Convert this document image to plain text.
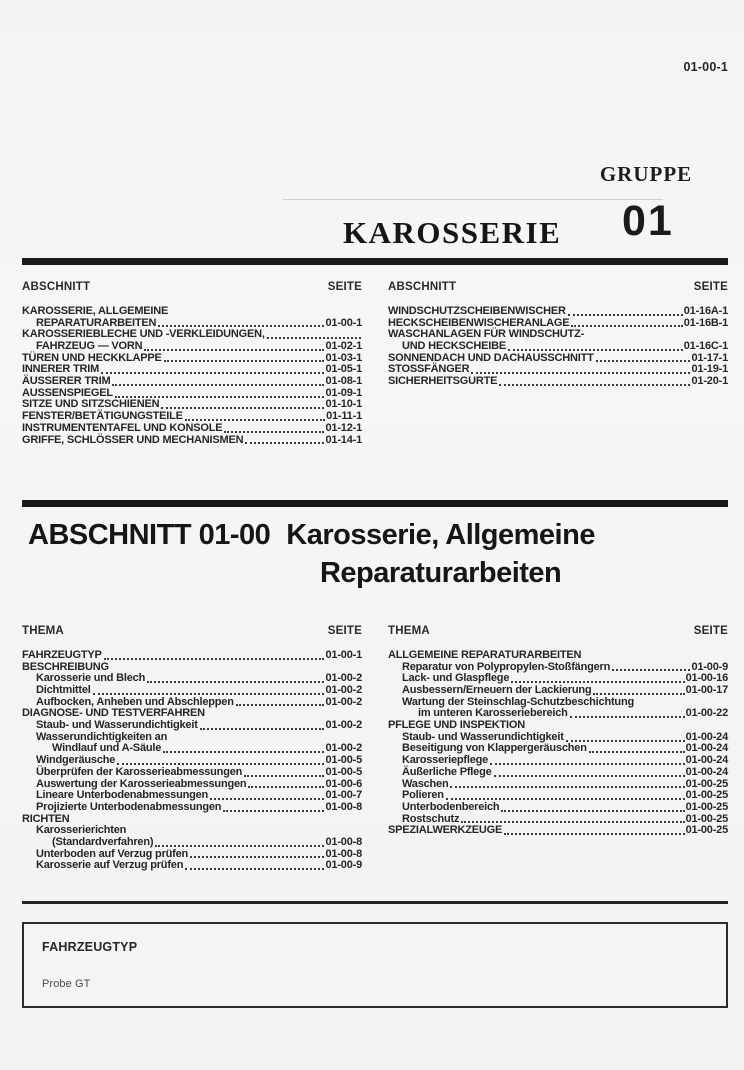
01-00-1
GRUPPE
KAROSSERIE 01
ABSCHNITT	SEITE
KAROSSERIE, ALLGEMEINE
REPARATURARBEITEN	01-00-1
KAROSSERIEBLECHE UND -VERKLEIDUNGEN,
FAHRZEUG — VORN	01-02-1
TÜREN UND HECKKLAPPE	01-03-1
INNERER TRIM	01-05-1
ÄUSSERER TRIM	01-08-1
AUSSENSPIEGEL	01-09-1
SITZE UND SITZSCHIENEN	01-10-1
FENSTER/BETÄTIGUNGSTEILE	01-11-1
INSTRUMENTENTAFEL UND KONSOLE	01-12-1
GRIFFE, SCHLÖSSER UND MECHANISMEN	01-14-1
ABSCHNITT	SEITE
WINDSCHUTZSCHEIBENWISCHER	01-16A-1
HECKSCHEIBENWISCHERANLAGE	01-16B-1
WASCHANLAGEN FÜR WINDSCHUTZ-
UND HECKSCHEIBE	01-16C-1
SONNENDACH UND DACHAUSSCHNITT	01-17-1
STOSSFÄNGER	01-19-1
SICHERHEITSGURTE	01-20-1
ABSCHNITT 01-00 Karosserie, Allgemeine
Reparaturarbeiten
THEMA	SEITE
FAHRZEUGTYP	01-00-1
BESCHREIBUNG
Karosserie und Blech	01-00-2
Dichtmittel	01-00-2
Aufbocken, Anheben und Abschleppen	01-00-2
DIAGNOSE- UND TESTVERFAHREN
Staub- und Wasserundichtigkeit	01-00-2
Wasserundichtigkeiten an
Windlauf und A-Säule	01-00-2
Windgeräusche	01-00-5
Überprüfen der Karosserieabmessungen	01-00-5
Auswertung der Karosserieabmessungen	01-00-6
Lineare Unterbodenabmessungen	01-00-7
Projizierte Unterbodenabmessungen	01-00-8
RICHTEN
Karosserierichten
(Standardverfahren)	01-00-8
Unterboden auf Verzug prüfen	01-00-8
Karosserie auf Verzug prüfen	01-00-9
THEMA	SEITE
ALLGEMEINE REPARATURARBEITEN
Reparatur von Polypropylen-Stoßfängern	01-00-9
Lack- und Glaspflege	01-00-16
Ausbessern/Erneuern der Lackierung	01-00-17
Wartung der Steinschlag-Schutzbeschichtung
im unteren Karosseriebereich	01-00-22
PFLEGE UND INSPEKTION
Staub- und Wasserundichtigkeit	01-00-24
Beseitigung von Klappergeräuschen	01-00-24
Karosseriepflege	01-00-24
Äußerliche Pflege	01-00-24
Waschen	01-00-25
Polieren	01-00-25
Unterbodenbereich	01-00-25
Rostschutz	01-00-25
SPEZIALWERKZEUGE	01-00-25
FAHRZEUGTYP
Probe GT
